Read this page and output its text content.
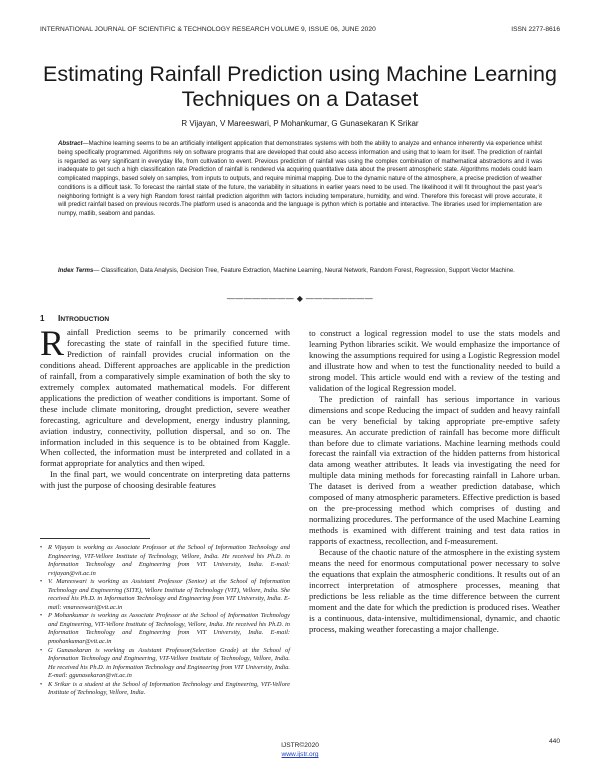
INTERNATIONAL JOURNAL OF SCIENTIFIC & TECHNOLOGY RESEARCH VOLUME 9, ISSUE 06, JUNE 2020	ISSN 2277-8616
Estimating Rainfall Prediction using Machine Learning Techniques on a Dataset
R Vijayan, V Mareeswari, P Mohankumar, G Gunasekaran K Srikar
Abstract—Machine learning seems to be an artificially intelligent application that demonstrates systems with both the ability to analyze and enhance inherently via experience whilst being specifically programmed. Algorithms rely on software programs that are developed that could also access information and using that to learn for itself. The prediction of rainfall is regarded as very significant in everyday life, from cultivation to event. Previous prediction of rainfall was using the complex combination of mathematical abstractions and it was inadequate to get such a high classification rate Prediction of rainfall is rendered via acquiring quantitative data about the present atmospheric state. Algorithms models could learn complicated mappings, based solely on samples, from inputs to outputs, and require minimal mapping. Due to the dynamic nature of the atmosphere, a precise prediction of weather conditions is a difficult task. To forecast the rainfall state of the future, the variability in situations in earlier years need to be used. The likelihood it will fit throughout the past year's neighboring fortnight is a very high Random forest rainfall prediction algorithm with factors including temperature, humidity, and wind. Therefore this forecast will prove accurate, it will predict rainfall based on previous records.The platform used is anaconda and the language is python which is portable and interactive. The libraries used for implementation are numpy, matlib, seaborn and pandas.
Index Terms— Classification, Data Analysis, Decision Tree, Feature Extraction, Machine Learning, Neural Network, Random Forest, Regression, Support Vector Machine.
———————— ◆ ————————
1 INTRODUCTION

Rainfall Prediction seems to be primarily concerned with forecasting the state of rainfall in the specified future time. Prediction of rainfall provides crucial information on the conditions ahead. Different approaches are applicable in the prediction of rainfall, from a comparatively simple examination of both the sky to extremely complex automated mathematical models. For different applications the prediction of weather conditions is important. Some of these include climate monitoring, drought prediction, severe weather forecasting, agriculture and development, energy industry planning, aviation industry, connectivity, pollution dispersal, and so on. The information included in this sequence is to be obtained from Kaggle. When collected, the information must be interpreted and collated in a format appropriate for analytics and then wiped.

In the final part, we would concentrate on interpreting data patterns with just the purpose of choosing desirable features

• R Vijayan is working as Associate Professor at the School of Information Technology and Engineering, VIT-Vellore Institute of Technology, Vellore, India. He received his Ph.D. in Information Technology and Engineering from VIT University, India. E-mail: rvijayan@vit.ac.in
• V. Mareeswari is working as Assistant Professor (Senior) at the School of Information Technology and Engineering (SITE), Vellore Institute of Technology (VIT), Vellore, India. She received his Ph.D. in Information Technology and Engineering from VIT University, India. E-mail: vmareeswari@vit.ac.in
• P Mohankumar is working as Associate Professor at the School of Information Technology and Engineering, VIT-Vellore Institute of Technology, Vellore, India. He received his Ph.D. in Information Technology and Engineering from VIT University, India. E-mail: pmohankumar@vit.ac.in
• G Gunasekaran is working as Assistant Professor(Selection Grade) at the School of Information Technology and Engineering, VIT-Vellore Institute of Technology, Vellore, India. He received his Ph.D. in Information Technology and Engineering from VIT University, India. E-mail: ggunasekaran@vit.ac.in
• K Srikar is a student at the School of Information Technology and Engineering, VIT-Vellore Institute of Technology, Vellore, India.

to construct a logical regression model to use the stats models and learning Python libraries scikit. We would emphasize the importance of knowing the assumptions required for using a Logistic Regression model and illustrate how and when to test the functionality needed to build a strong model. This article would end with a review of the testing and validation of the logical Regression model.

The prediction of rainfall has serious importance in various dimensions and scope Reducing the impact of sudden and heavy rainfall can be very beneficial by taking appropriate pre-emptive safety measures. An accurate prediction of rainfall has become more difficult than before due to climate variations. Machine learning methods could forecast the rainfall via extraction of the hidden patterns from historical data among weather attributes. It leads via investigating the need for multiple data mining methods for forecasting rainfall in Lahore urban. The dataset is derived from a weather prediction database, which composed of many atmospheric parameters. Effective prediction is based on the pre-processing method which comprises of dusting and normalizing procedures. The performance of the used Machine Learning methods is examined with different training and test data ratios in rapports of exactness, recollection, and f-measurement.

Because of the chaotic nature of the atmosphere in the existing system means the need for enormous computational power necessary to solve the equations that explain the atmospheric conditions. It results out of an incorrect interpretation of atmosphere processes, meaning that predictions be less reliable as the time difference between the current moment and the date for which the prediction is produced rises. Weather is a continuous, data-intensive, multidimensional, dynamic, and chaotic process, making weather forecasting a major challenge.

440
IJSTR©2020
www.ijstr.org
